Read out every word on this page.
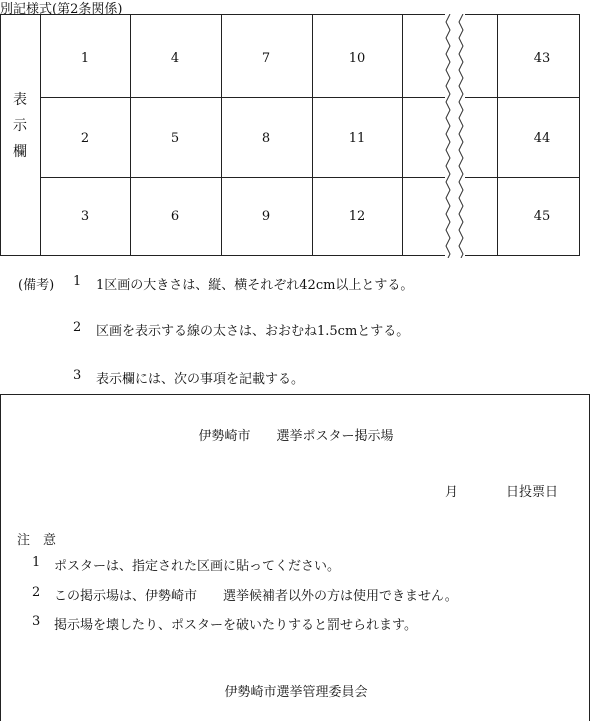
別記様式(第2条関係)
表
示
欄
1	4	7	10	43
2	5	8	11	44
3	6	9	12	45
(備考) 1 1区画の大きさは、縦、横それぞれ42cm以上とする。
2 区画を表示する線の太さは、おおむね1.5cmとする。
3 表示欄には、次の事項を記載する。
伊勢崎市　　選挙ポスター掲示場
月	日投票日
注　意
1 ポスターは、指定された区画に貼ってください。
2 この掲示場は、伊勢崎市　　選挙候補者以外の方は使用できません。
3 掲示場を壊したり、ポスターを破いたりすると罰せられます。
伊勢崎市選挙管理委員会
